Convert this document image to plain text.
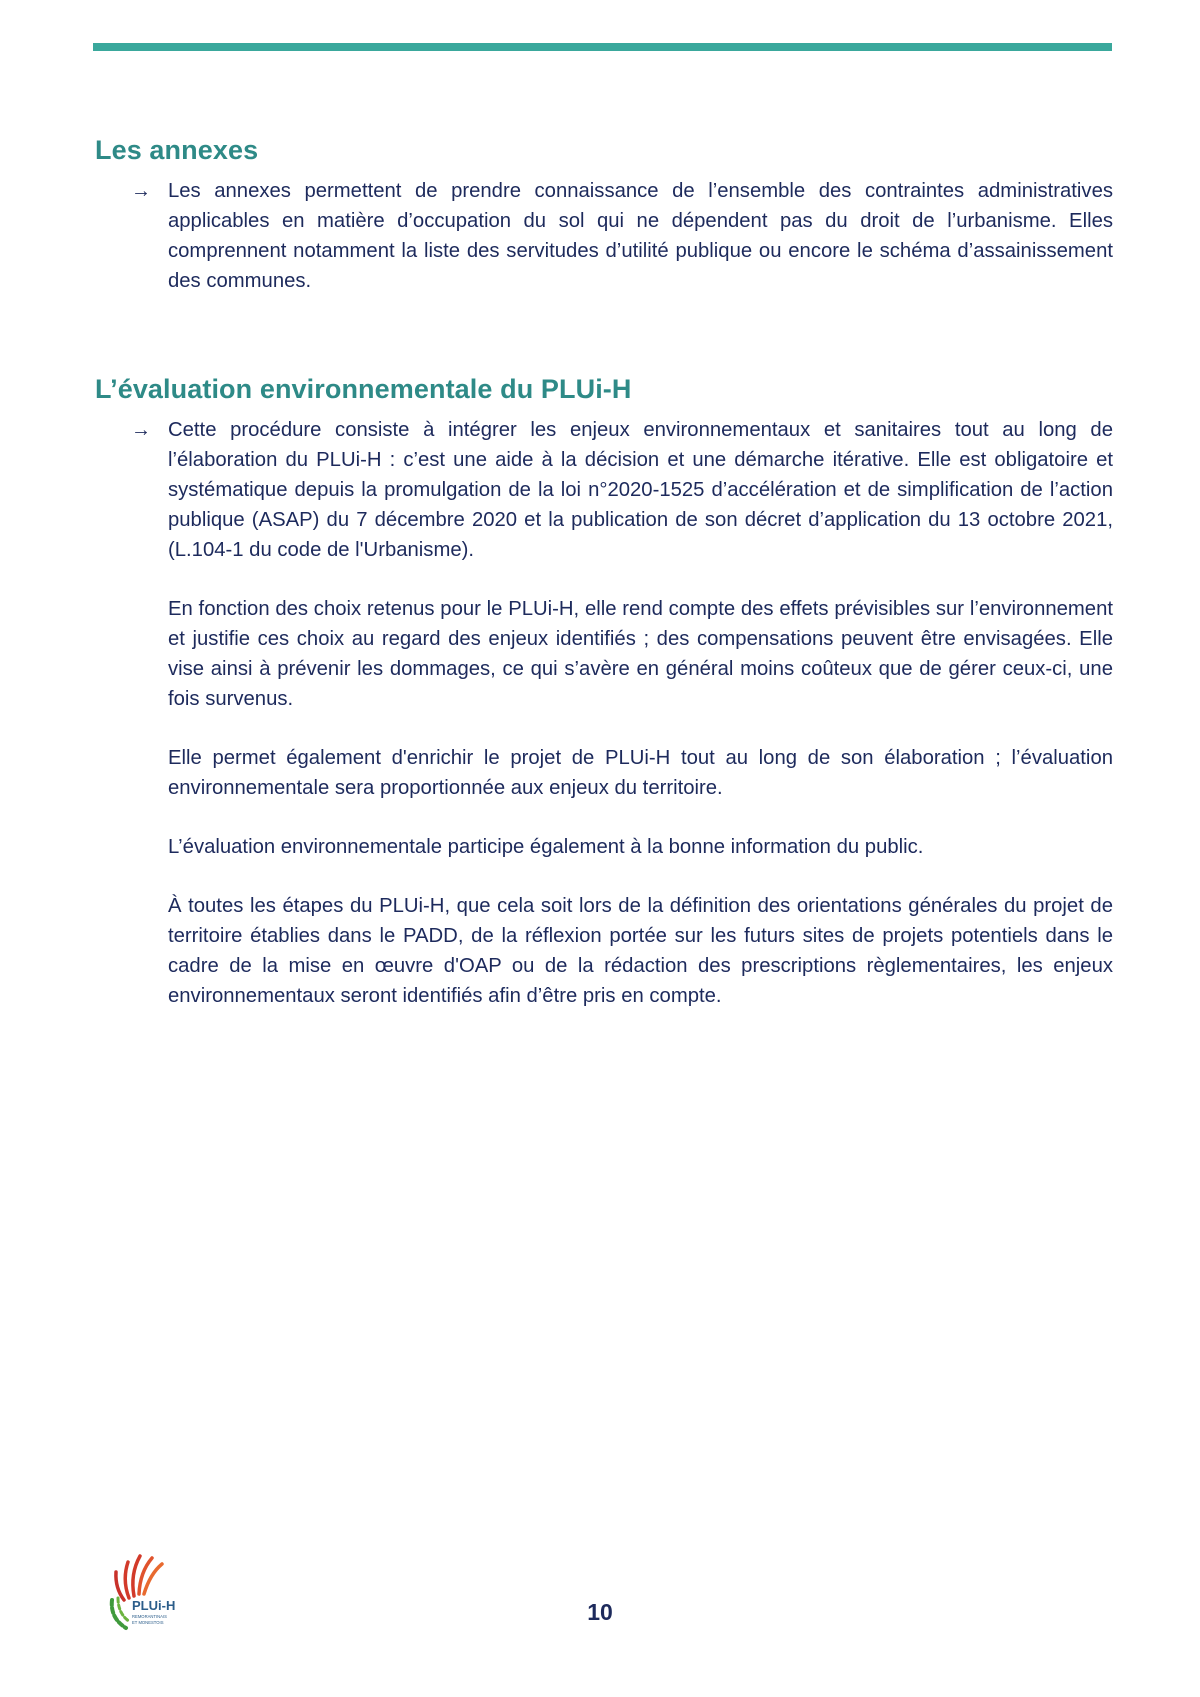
Les annexes
→ Les annexes permettent de prendre connaissance de l’ensemble des contraintes administratives applicables en matière d’occupation du sol qui ne dépendent pas du droit de l’urbanisme. Elles comprennent notamment la liste des servitudes d’utilité publique ou encore le schéma d’assainissement des communes.

L’évaluation environnementale du PLUi-H
→ Cette procédure consiste à intégrer les enjeux environnementaux et sanitaires tout au long de l’élaboration du PLUi-H : c’est une aide à la décision et une démarche itérative. Elle est obligatoire et systématique depuis la promulgation de la loi n°2020-1525 d’accélération et de simplification de l’action publique (ASAP) du 7 décembre 2020 et la publication de son décret d’application du 13 octobre 2021, (L.104-1 du code de l'Urbanisme).

En fonction des choix retenus pour le PLUi-H, elle rend compte des effets prévisibles sur l’environnement et justifie ces choix au regard des enjeux identifiés ; des compensations peuvent être envisagées. Elle vise ainsi à prévenir les dommages, ce qui s’avère en général moins coûteux que de gérer ceux-ci, une fois survenus.

Elle permet également d'enrichir le projet de PLUi-H tout au long de son élaboration ; l’évaluation environnementale sera proportionnée aux enjeux du territoire.

L’évaluation environnementale participe également à la bonne information du public.

À toutes les étapes du PLUi-H, que cela soit lors de la définition des orientations générales du projet de territoire établies dans le PADD, de la réflexion portée sur les futurs sites de projets potentiels dans le cadre de la mise en œuvre d'OAP ou de la rédaction des prescriptions règlementaires, les enjeux environnementaux seront identifiés afin d’être pris en compte.

PLUi-H
REMORANTINAIS
ET MONESTOIS	10
